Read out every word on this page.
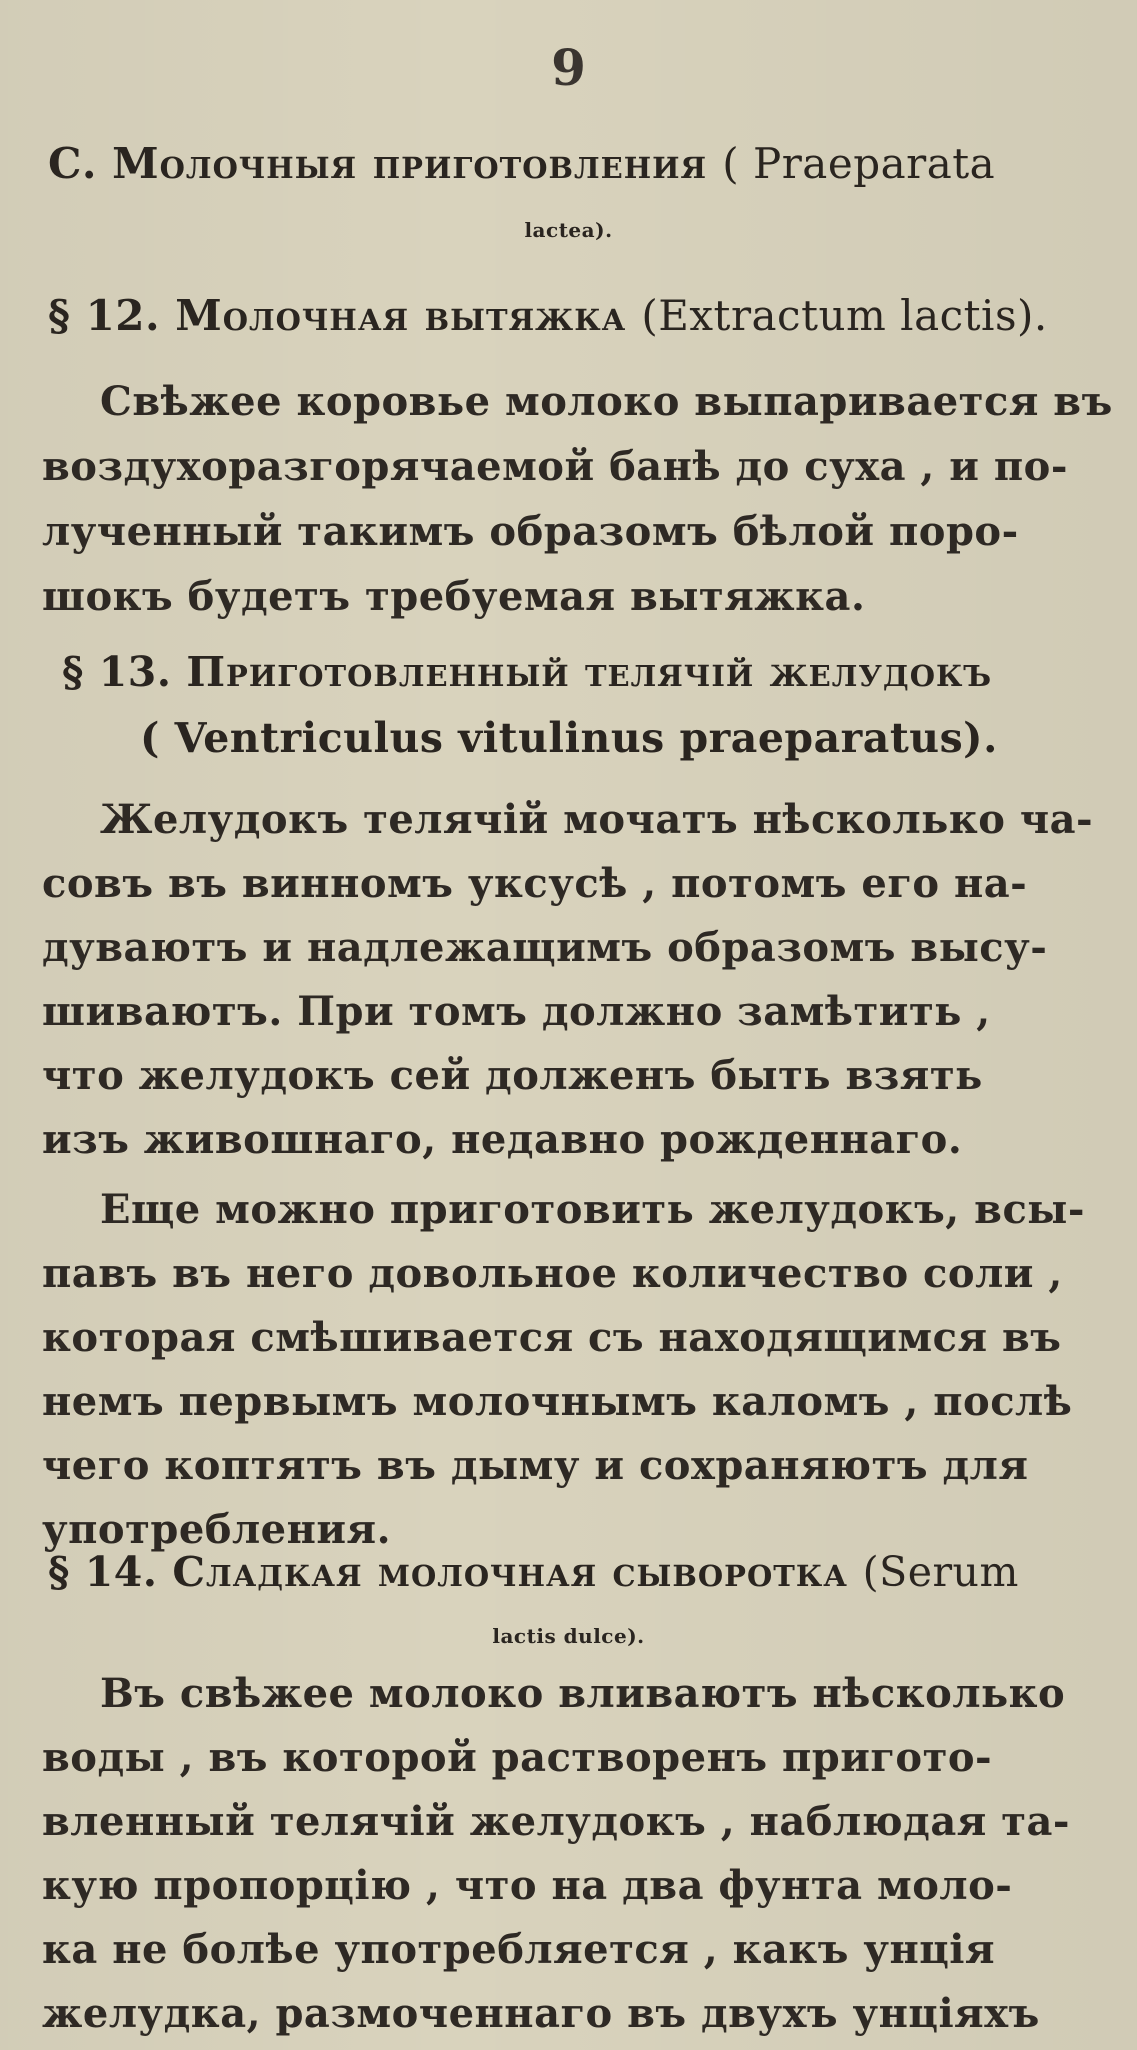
9
С. Молочныя приготовления ( Praeparata
lactea).
§ 12. Молочная вытяжка (Extractum lactis).
Свѣжее коровье молоко выпаривается въ
воздухоразгорячаемой банѣ до суха , и по-
лученный такимъ образомъ бѣлой поро-
шокъ будетъ требуемая вытяжка.
§ 13. Приготовленный телячій желудокъ
( Ventriculus vitulinus praeparatus).
Желудокъ телячій мочатъ нѣсколько ча-
совъ въ винномъ уксусѣ , потомъ его на-
дуваютъ и надлежащимъ образомъ высу-
шиваютъ. При томъ должно замѣтить ,
что желудокъ сей долженъ быть взять
изъ живошнаго, недавно рожденнаго.
Еще можно приготовить желудокъ, всы-
павъ въ него довольное количество соли ,
которая смѣшивается съ находящимся въ
немъ первымъ молочнымъ каломъ , послѣ
чего коптятъ въ дыму и сохраняютъ для
употребления.
§ 14. Сладкая молочная сыворотка (Serum
lactis dulce).
Въ свѣжее молоко вливаютъ нѣсколько
воды , въ которой растворенъ пригото-
вленный телячій желудокъ , наблюдая та-
кую пропорцію , что на два фунта моло-
ка не болѣе употребляется , какъ унція
желудка, размоченнаго въ двухъ унціяхъ
